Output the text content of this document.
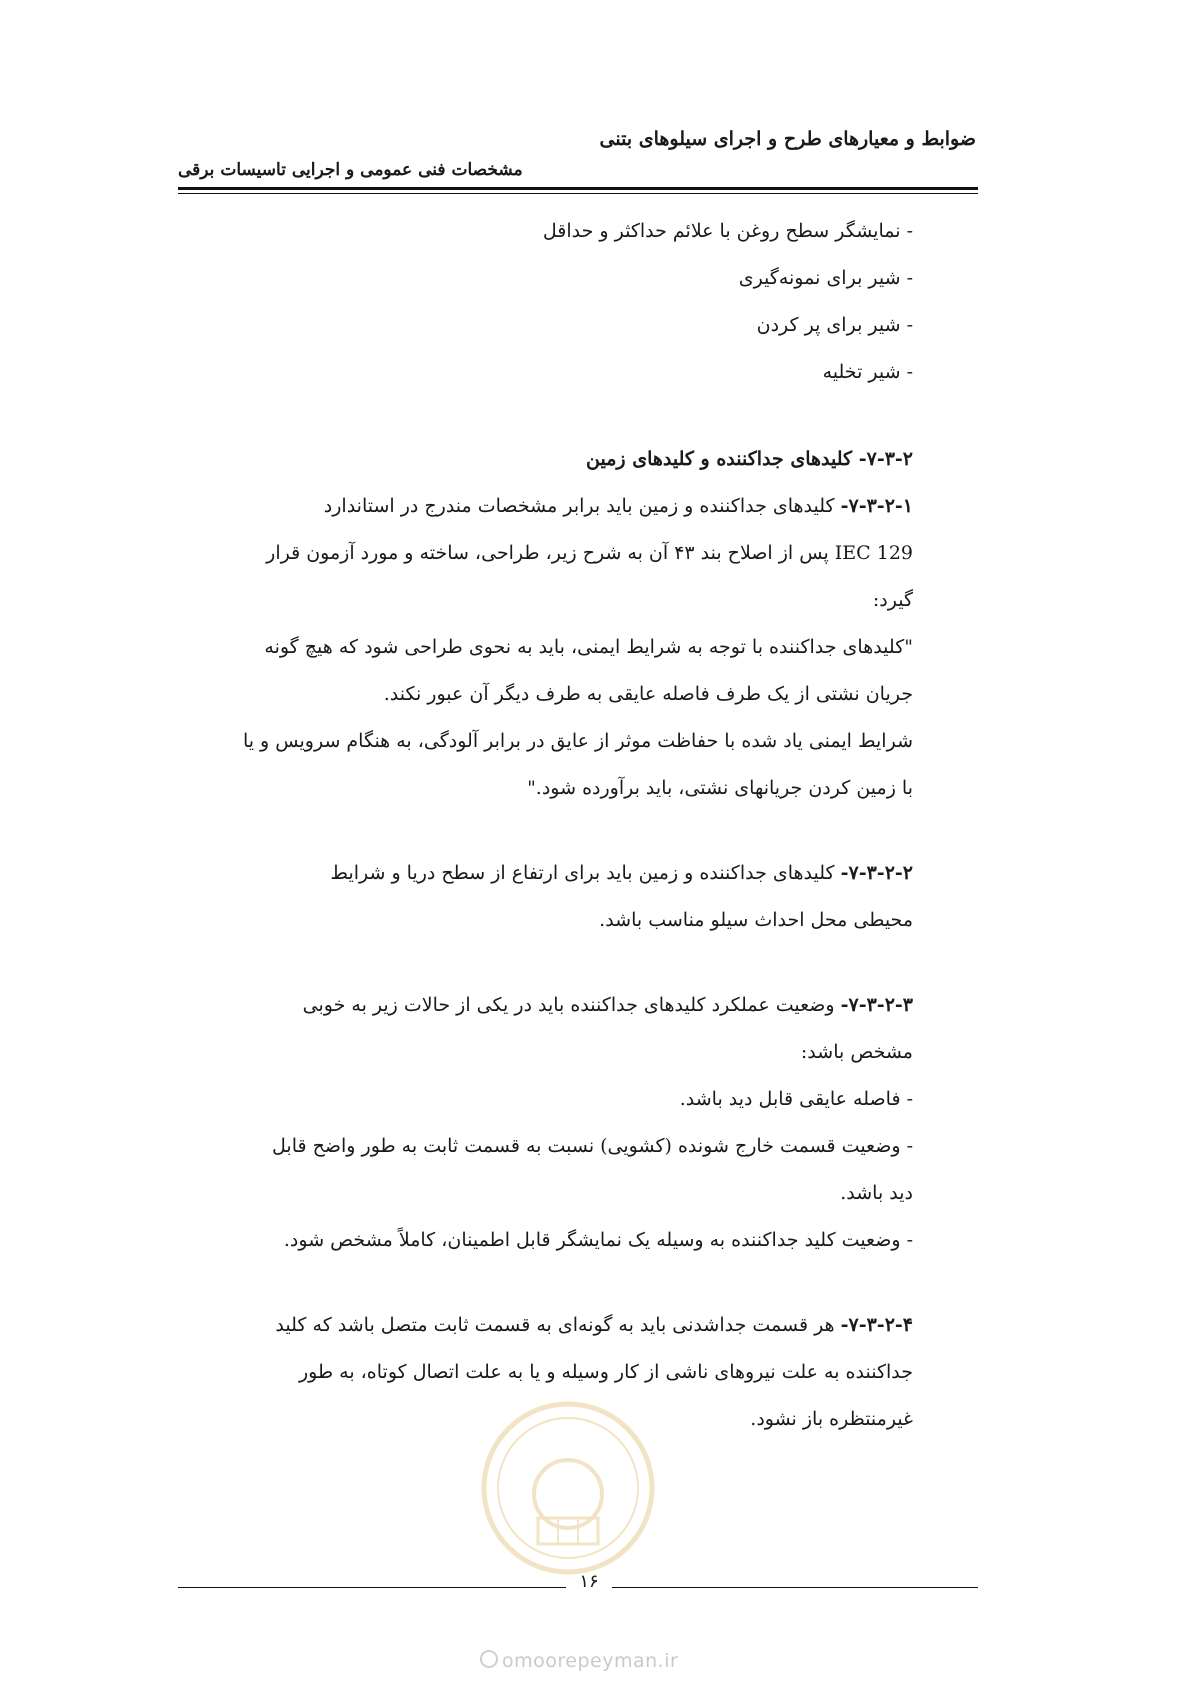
ضوابط و معیارهای طرح و اجرای سیلوهای بتنی
مشخصات فنی عمومی و اجرایی تاسیسات برقی
- نمایشگر سطح روغن با علائم حداکثر و حداقل
- شیر برای نمونه‌گیری
- شیر برای پر کردن
- شیر تخلیه
۷-۳-۲- کلیدهای جداکننده و کلیدهای زمین
۷-۳-۲-۱- کلیدهای جداکننده و زمین باید برابر مشخصات مندرج در استاندارد
IEC 129 پس از اصلاح بند ۴۳ آن به شرح زیر، طراحی، ساخته و مورد آزمون قرار
گیرد:
"کلیدهای جداکننده با توجه به شرایط ایمنی، باید به نحوی طراحی شود که هیچ گونه
جریان نشتی از یک طرف فاصله عایقی به طرف دیگر آن عبور نکند.
شرایط ایمنی یاد شده با حفاظت موثر از عایق در برابر آلودگی، به هنگام سرویس و یا
با زمین کردن جریانهای نشتی، باید برآورده شود."
۷-۳-۲-۲- کلیدهای جداکننده و زمین باید برای ارتفاع از سطح دریا و شرایط
محیطی محل احداث سیلو مناسب باشد.
۷-۳-۲-۳- وضعیت عملکرد کلیدهای جداکننده باید در یکی از حالات زیر به خوبی
مشخص باشد:
- فاصله عایقی قابل دید باشد.
- وضعیت قسمت خارج شونده (کشویی) نسبت به قسمت ثابت به طور واضح قابل
دید باشد.
- وضعیت کلید جداکننده به وسیله یک نمایشگر قابل اطمینان، کاملاً مشخص شود.
۷-۳-۲-۴- هر قسمت جداشدنی باید به گونه‌ای به قسمت ثابت متصل باشد که کلید
جداکننده به علت نیروهای ناشی از کار وسیله و یا به علت اتصال کوتاه، به طور
غیرمنتظره باز نشود.
۱۶
omoorepeyman.ir
